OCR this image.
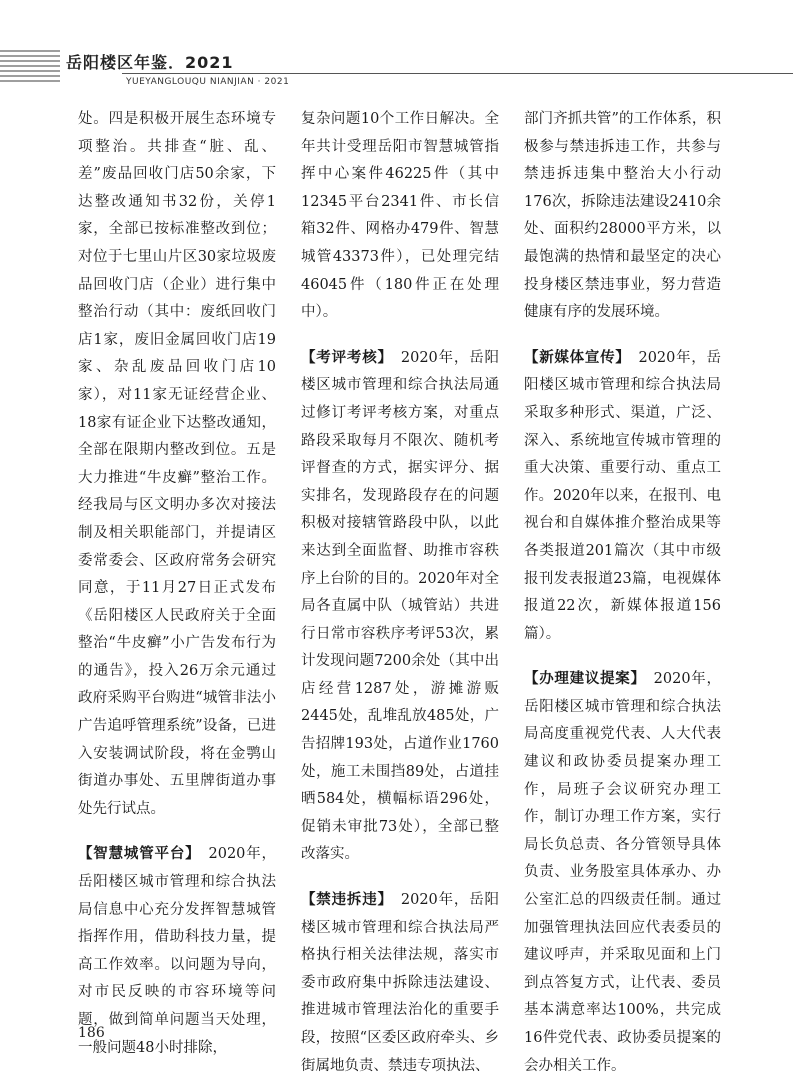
岳阳楼区年鉴．2021
YUEYANGLOUQU NIANJIAN · 2021

处。四是积极开展生态环境专项整治。共排查“脏、乱、差”废品回收门店50余家，下达整改通知书32份，关停1家，全部已按标准整改到位；对位于七里山片区30家垃圾废品回收门店（企业）进行集中整治行动（其中：废纸回收门店1家，废旧金属回收门店19家、杂乱废品回收门店10家），对11家无证经营企业、18家有证企业下达整改通知，全部在限期内整改到位。五是大力推进“牛皮癣”整治工作。经我局与区文明办多次对接法制及相关职能部门，并提请区委常委会、区政府常务会研究同意，于11月27日正式发布《岳阳楼区人民政府关于全面整治“牛皮癣”小广告发布行为的通告》，投入26万余元通过政府采购平台购进“城管非法小广告追呼管理系统”设备，已进入安装调试阶段，将在金鹗山街道办事处、五里牌街道办事处先行试点。

【智慧城管平台】　2020年，岳阳楼区城市管理和综合执法局信息中心充分发挥智慧城管指挥作用，借助科技力量，提高工作效率。以问题为导向，对市民反映的市容环境等问题，做到简单问题当天处理，一般问题48小时排除，

复杂问题10个工作日解决。全年共计受理岳阳市智慧城管指挥中心案件46225件（其中12345平台2341件、市长信箱32件、网格办479件、智慧城管43373件），已处理完结46045件（180件正在处理中）。

【考评考核】　2020年，岳阳楼区城市管理和综合执法局通过修订考评考核方案，对重点路段采取每月不限次、随机考评督查的方式，据实评分、据实排名，发现路段存在的问题积极对接辖管路段中队，以此来达到全面监督、助推市容秩序上台阶的目的。2020年对全局各直属中队（城管站）共进行日常市容秩序考评53次，累计发现问题7200余处（其中出店经营1287处，游摊游贩2445处，乱堆乱放485处，广告招牌193处，占道作业1760处，施工未围挡89处，占道挂晒584处，横幅标语296处，促销未审批73处），全部已整改落实。

【禁违拆违】　2020年，岳阳楼区城市管理和综合执法局严格执行相关法律法规，落实市委市政府集中拆除违法建设、推进城市管理法治化的重要手段，按照“区委区政府牵头、乡街属地负责、禁违专项执法、

部门齐抓共管”的工作体系，积极参与禁违拆违工作，共参与禁违拆违集中整治大小行动176次，拆除违法建设2410余处、面积约28000平方米，以最饱满的热情和最坚定的决心投身楼区禁违事业，努力营造健康有序的发展环境。

【新媒体宣传】　2020年，岳阳楼区城市管理和综合执法局采取多种形式、渠道，广泛、深入、系统地宣传城市管理的重大决策、重要行动、重点工作。2020年以来，在报刊、电视台和自媒体推介整治成果等各类报道201篇次（其中市级报刊发表报道23篇，电视媒体报道22次，新媒体报道156篇）。

【办理建议提案】　2020年，岳阳楼区城市管理和综合执法局高度重视党代表、人大代表建议和政协委员提案办理工作，局班子会议研究办理工作，制订办理工作方案，实行局长负总责、各分管领导具体负责、业务股室具体承办、办公室汇总的四级责任制。通过加强管理执法回应代表委员的建议呼声，并采取见面和上门到点答复方式，让代表、委员基本满意率达100%，共完成16件党代表、政协委员提案的会办相关工作。

186
